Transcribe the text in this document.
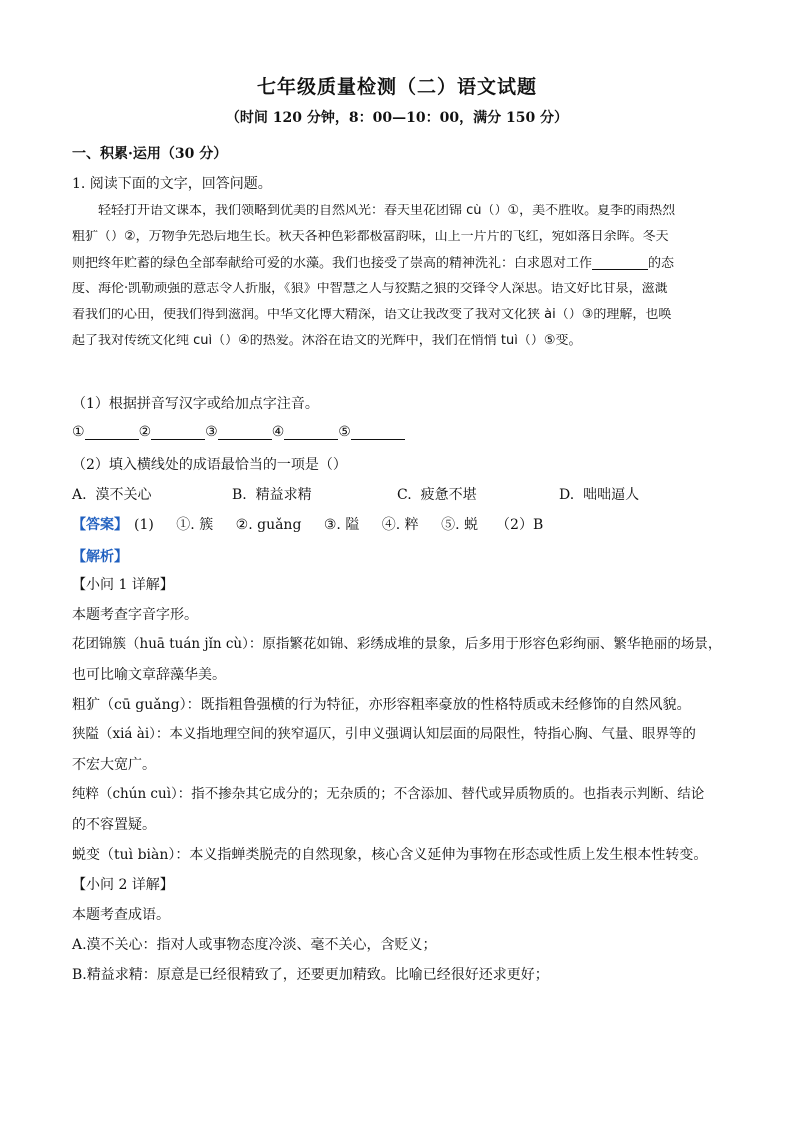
七年级质量检测（二）语文试题
（时间 120 分钟，8：00—10：00，满分 150 分）
一、积累·运用（30 分）
1. 阅读下面的文字，回答问题。
轻轻打开语文课本，我们领略到优美的自然风光：春天里花团锦 cù（）①，美不胜收。夏季的雨热烈
粗犷（）②，万物争先恐后地生长。秋天各种色彩都极富韵味，山上一片片的飞红，宛如落日余晖。冬天
则把终年贮蓄的绿色全部奉献给可爱的水藻。我们也接受了崇高的精神洗礼：白求恩对工作	的态
度、海伦·凯勒顽强的意志令人折服，《狼》中智慧之人与狡黠之狼的交锋令人深思。语文好比甘泉，滋溉
着我们的心田，使我们得到滋润。中华文化博大精深，语文让我改变了我对文化狭 ài（）③的理解，也唤
起了我对传统文化纯 cuì（）④的热爱。沐浴在语文的光辉中，我们在悄悄 tuì（）⑤变。
（1）根据拼音写汉字或给加点字注音。
①	②	③	④	⑤
（2）填入横线处的成语最恰当的一项是（）
A. 漠不关心	B. 精益求精	C. 疲惫不堪	D. 咄咄逼人
【答案】 (1) ①. 簇 ②. guǎng ③. 隘 ④. 粹 ⑤. 蜕 （2）B
【解析】
【小问 1 详解】
本题考查字音字形。
花团锦簇（huā tuán jǐn cù）：原指繁花如锦、彩绣成堆的景象，后多用于形容色彩绚丽、繁华艳丽的场景，
也可比喻文章辞藻华美。
粗犷（cū guǎng）：既指粗鲁强横的行为特征，亦形容粗率豪放的性格特质或未经修饰的自然风貌。
狭隘（xiá ài）：本义指地理空间的狭窄逼仄，引申义强调认知层面的局限性，特指心胸、气量、眼界等的
不宏大宽广。
纯粹（chún cuì）：指不掺杂其它成分的；无杂质的；不含添加、替代或异质物质的。也指表示判断、结论
的不容置疑。
蜕变（tuì biàn）：本义指蝉类脱壳的自然现象，核心含义延伸为事物在形态或性质上发生根本性转变。
【小问 2 详解】
本题考查成语。
A.漠不关心：指对人或事物态度冷淡、毫不关心，含贬义；
B.精益求精：原意是已经很精致了，还要更加精致。比喻已经很好还求更好；
